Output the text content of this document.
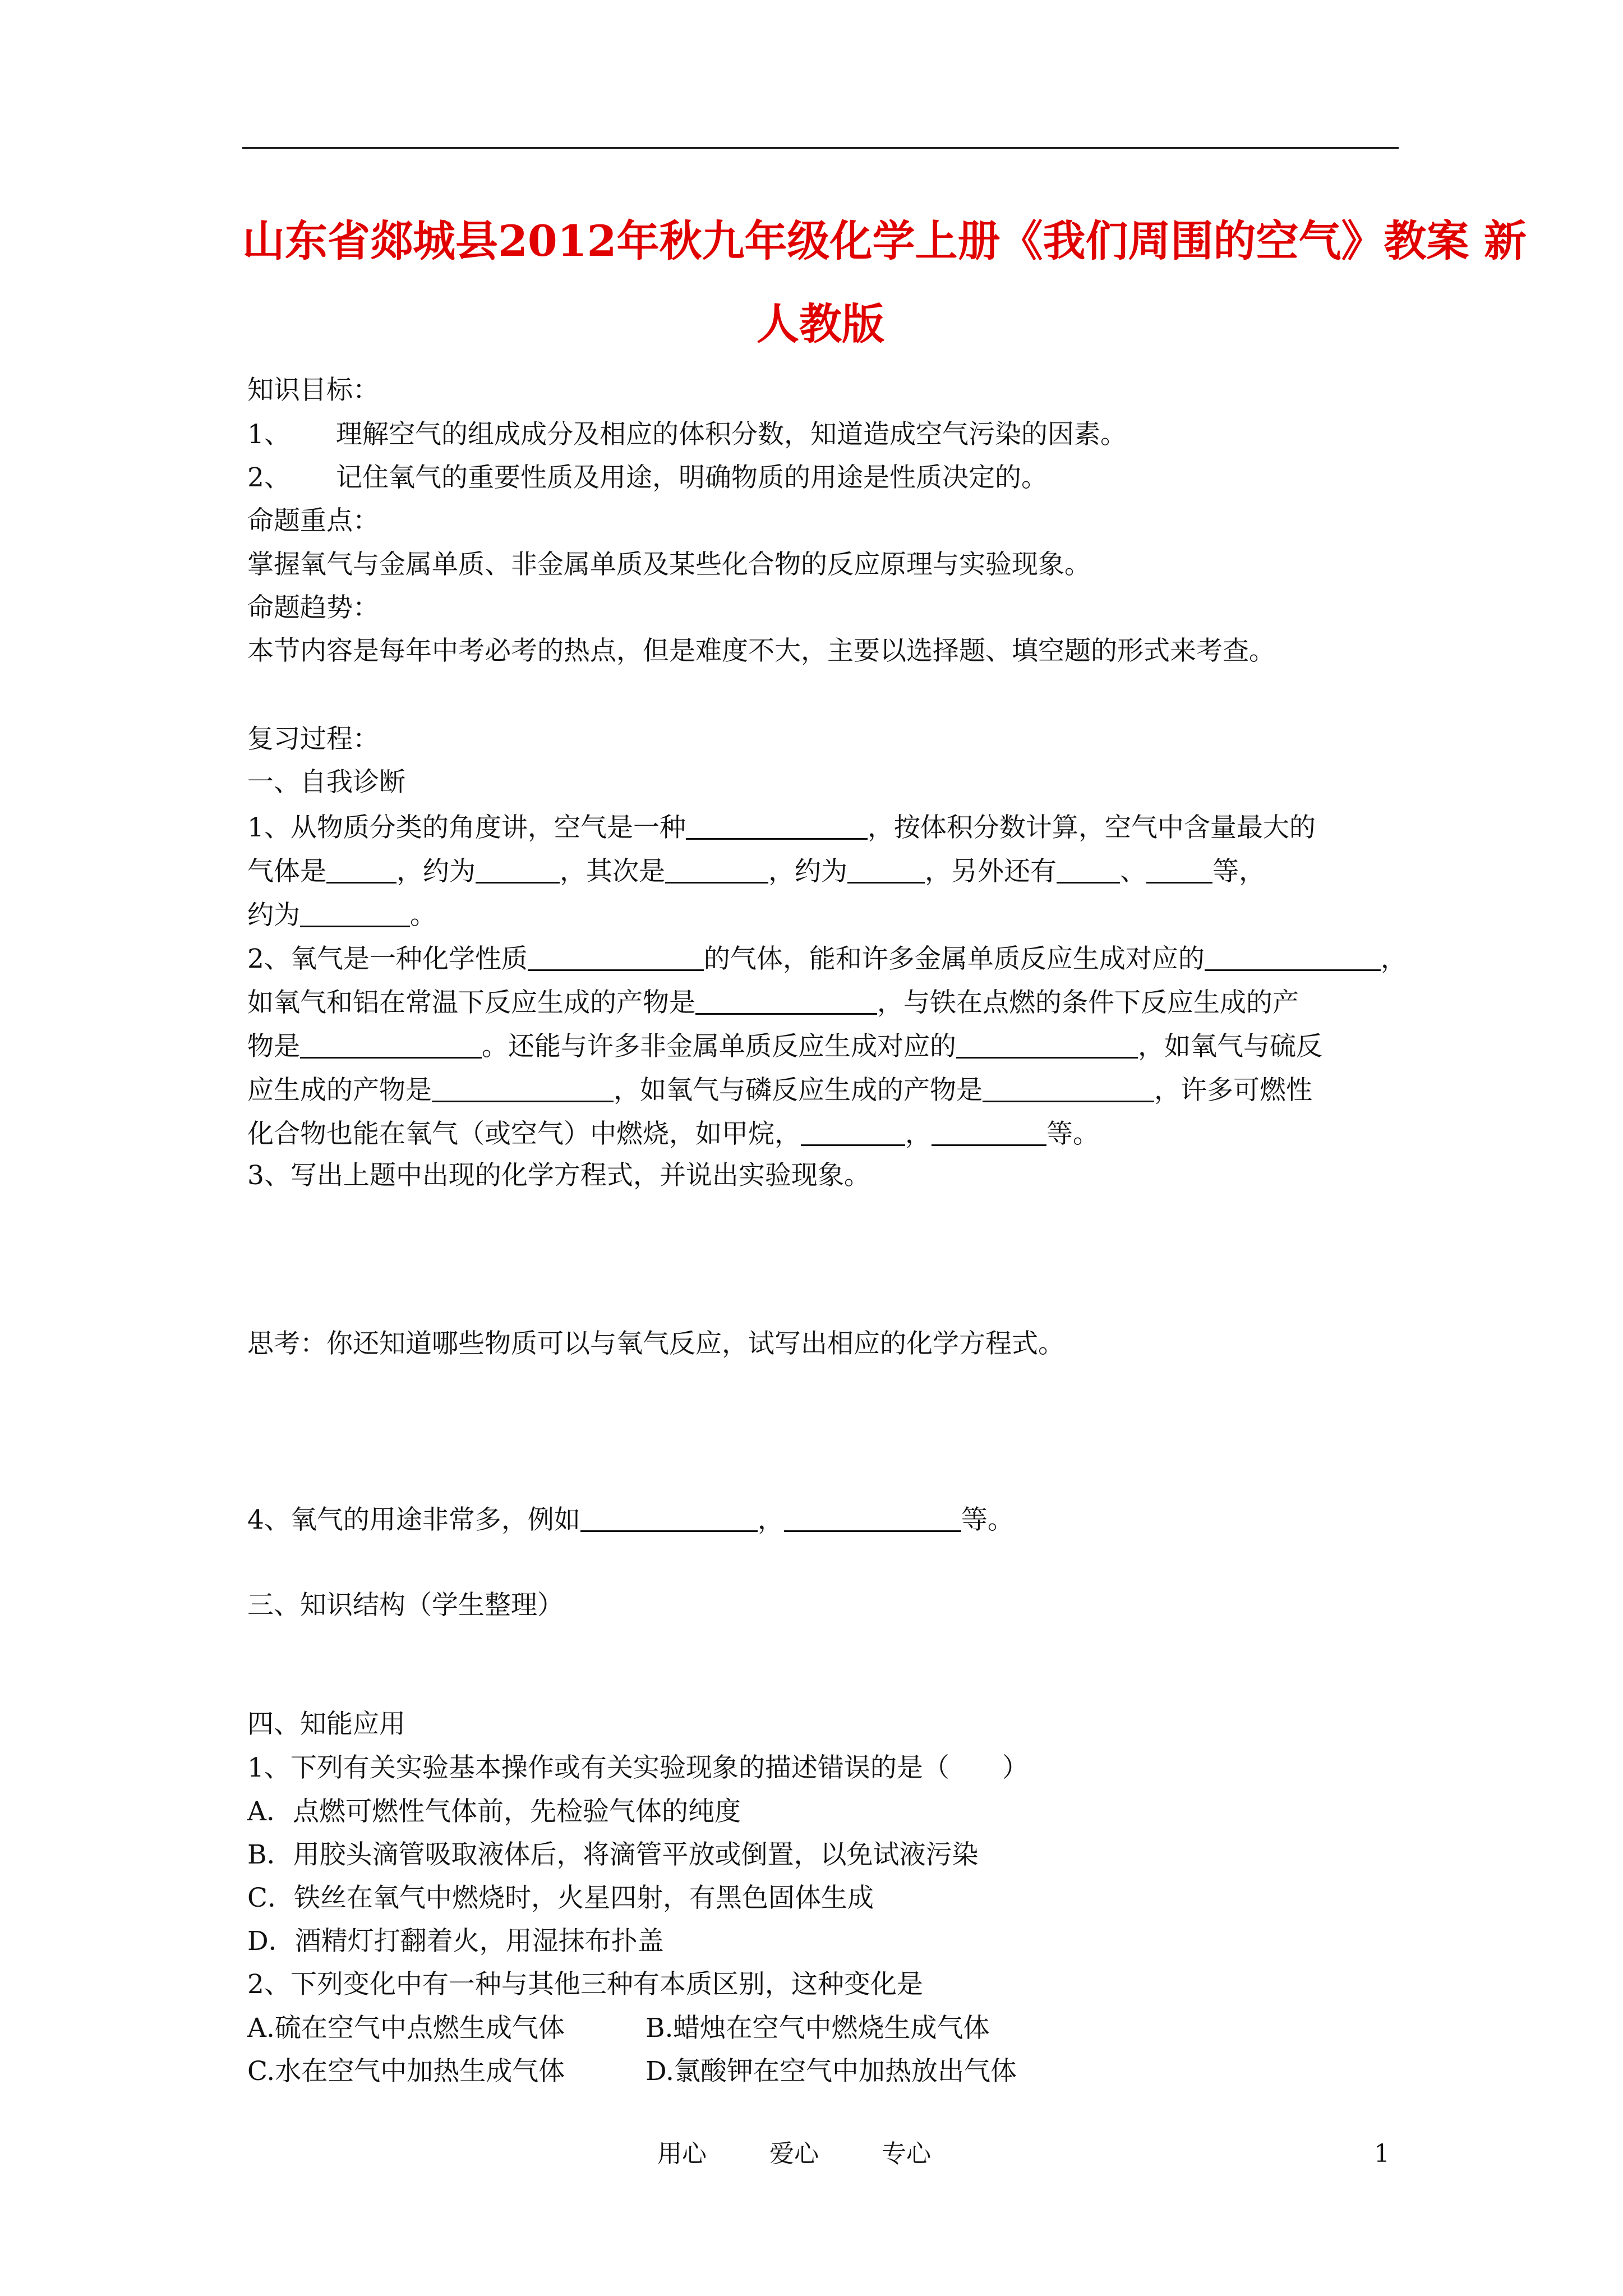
山东省郯城县2012年秋九年级化学上册《我们周围的空气》教案 新
人教版
知识目标：
1、 理解空气的组成成分及相应的体积分数，知道造成空气污染的因素。
2、 记住氧气的重要性质及用途，明确物质的用途是性质决定的。
命题重点：
掌握氧气与金属单质、非金属单质及某些化合物的反应原理与实验现象。
命题趋势：
本节内容是每年中考必考的热点，但是难度不大，主要以选择题、填空题的形式来考查。
复习过程：
一、自我诊断
1、从物质分类的角度讲，空气是一种	，按体积分数计算，空气中含量最大的
气体是	，约为	，其次是	，约为	，另外还有 、	等，
约为	。
2、氧气是一种化学性质	的气体，能和许多金属单质反应生成对应的	，
如氧气和铝在常温下反应生成的产物是	，与铁在点燃的条件下反应生成的产
物是	。还能与许多非金属单质反应生成对应的	，如氧气与硫反
应生成的产物是	，如氧气与磷反应生成的产物是	，许多可燃性
化合物也能在氧气（或空气）中燃烧，如甲烷，	，	等。
3、写出上题中出现的化学方程式，并说出实验现象。
思考：你还知道哪些物质可以与氧气反应，试写出相应的化学方程式。
4、氧气的用途非常多，例如	，	等。
三、知识结构（学生整理）
四、知能应用
1、下列有关实验基本操作或有关实验现象的描述错误的是（　　）
A．点燃可燃性气体前，先检验气体的纯度
B．用胶头滴管吸取液体后，将滴管平放或倒置，以免试液污染
C．铁丝在氧气中燃烧时，火星四射，有黑色固体生成
D．酒精灯打翻着火，用湿抹布扑盖
2、下列变化中有一种与其他三种有本质区别，这种变化是
A.硫在空气中点燃生成气体	B.蜡烛在空气中燃烧生成气体
C.水在空气中加热生成气体	D.氯酸钾在空气中加热放出气体
用心	爱心	专心	1
